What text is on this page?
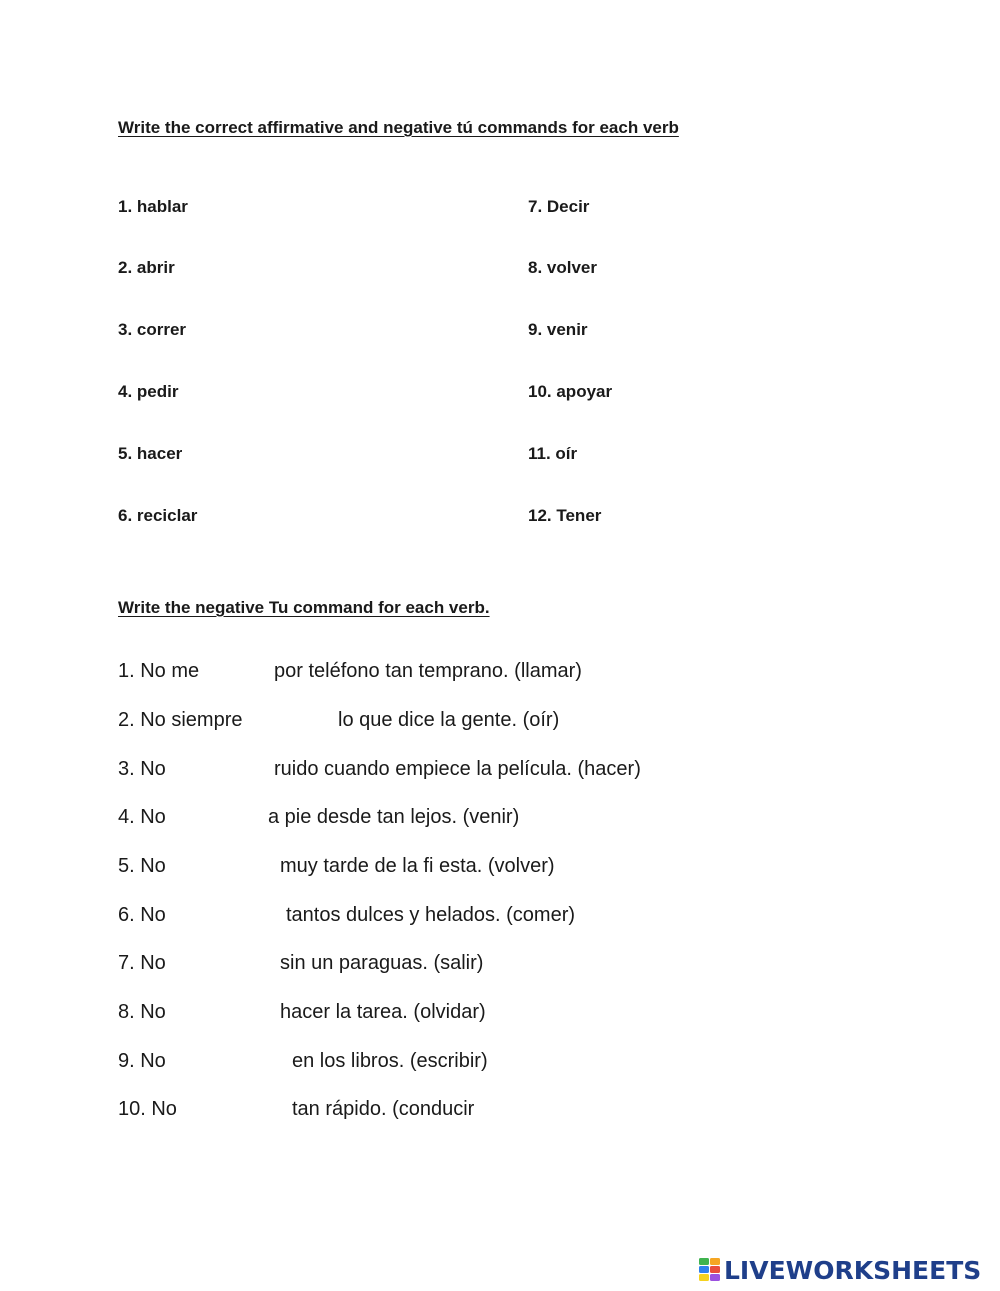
Write the correct affirmative and negative tú commands for each verb
1. hablar
2. abrir
3. correr
4. pedir
5. hacer
6. reciclar
7. Decir
8. volver
9. venir
10. apoyar
11. oír
12. Tener
Write the negative Tu command for each verb.
1. No me	por teléfono tan temprano. (llamar)
2. No siempre	lo que dice la gente. (oír)
3. No	ruido cuando empiece la película. (hacer)
4. No	a pie desde tan lejos. (venir)
5. No	muy tarde de la fi esta. (volver)
6. No	tantos dulces y helados. (comer)
7. No	sin un paraguas. (salir)
8. No	hacer la tarea. (olvidar)
9. No	en los libros. (escribir)
10. No	tan rápido. (conducir
LIVEWORKSHEETS
